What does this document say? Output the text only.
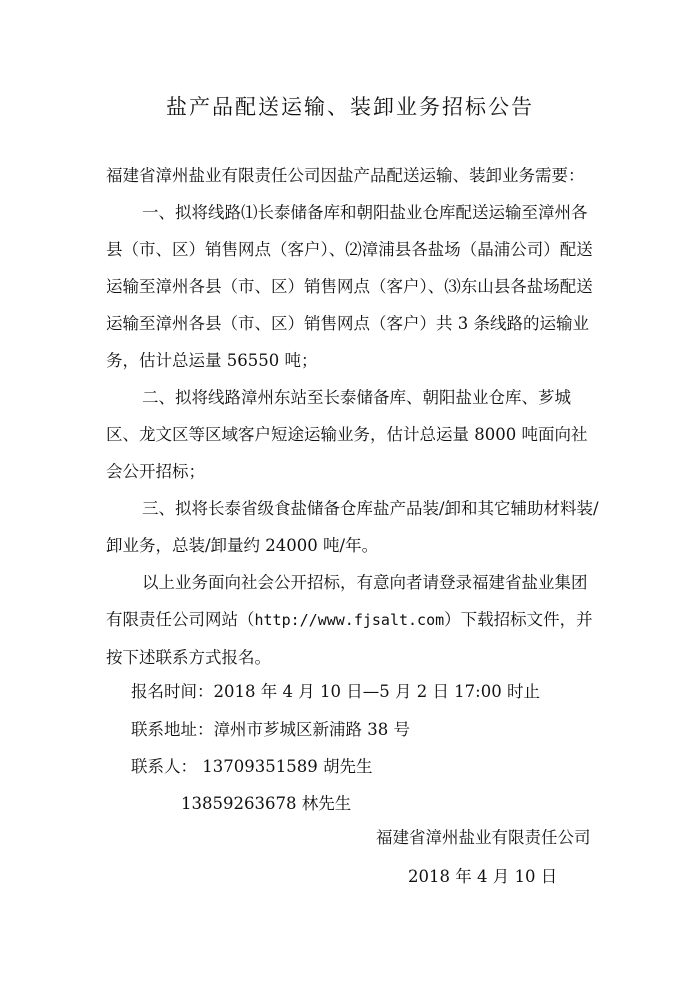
盐产品配送运输、装卸业务招标公告
福建省漳州盐业有限责任公司因盐产品配送运输、装卸业务需要：

一、拟将线路⑴长泰储备库和朝阳盐业仓库配送运输至漳州各县（市、区）销售网点（客户）、⑵漳浦县各盐场（晶浦公司）配送运输至漳州各县（市、区）销售网点（客户）、⑶东山县各盐场配送运输至漳州各县（市、区）销售网点（客户）共 3 条线路的运输业务，估计总运量 56550 吨；

二、拟将线路漳州东站至长泰储备库、朝阳盐业仓库、芗城区、龙文区等区域客户短途运输业务，估计总运量 8000 吨面向社会公开招标；

三、拟将长泰省级食盐储备仓库盐产品装/卸和其它辅助材料装/卸业务，总装/卸量约 24000 吨/年。

以上业务面向社会公开招标，有意向者请登录福建省盐业集团有限责任公司网站（http://www.fjsalt.com）下载招标文件，并按下述联系方式报名。

报名时间：2018 年 4 月 10 日—5 月 2 日 17:00 时止
联系地址：漳州市芗城区新浦路 38 号
联系人： 13709351589 胡先生
13859263678 林先生
福建省漳州盐业有限责任公司
2018 年 4 月 10 日
